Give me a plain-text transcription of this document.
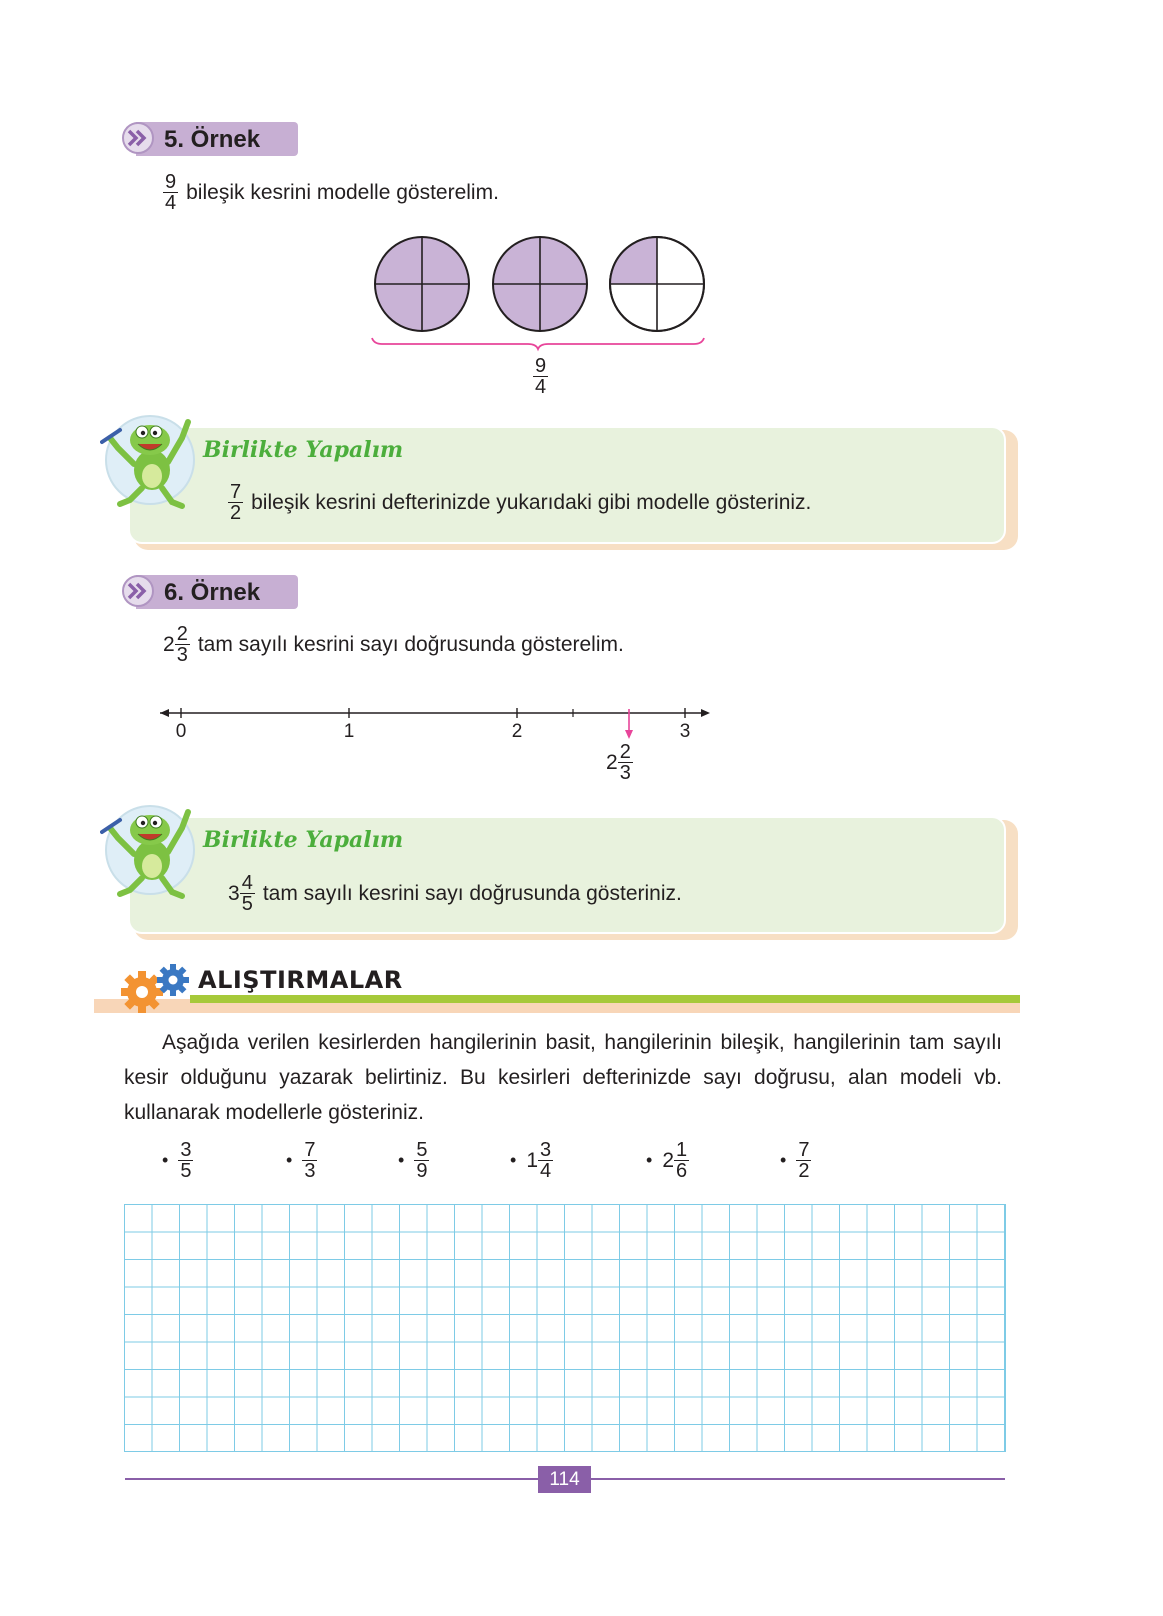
5. Örnek
$\frac{9}{4}$ bileşik kesrini modelle gösterelim.
$\frac{9}{4}$
Birlikte Yapalım
$\frac{7}{2}$ bileşik kesrini defterinizde yukarıdaki gibi modelle gösteriniz.
6. Örnek
$2 \frac{2}{3}$ tam sayılı kesrini sayı doğrusunda gösterelim.
0	1	2	3
$2 \frac{2}{3}$
Birlikte Yapalım
$3 \frac{4}{5}$ tam sayılı kesrini sayı doğrusunda gösteriniz.
ALIŞTIRMALAR
Aşağıda verilen kesirlerden hangilerinin basit, hangilerinin bileşik, hangilerinin tam sayılı kesir olduğunu yazarak belirtiniz. Bu kesirleri defterinizde sayı doğrusu, alan modeli vb. kullanarak modellerle gösteriniz.
• $\frac{3}{5}$	• $\frac{7}{3}$	• $\frac{5}{9}$	• $1 \frac{3}{4}$	• $2 \frac{1}{6}$	• $\frac{7}{2}$
114
